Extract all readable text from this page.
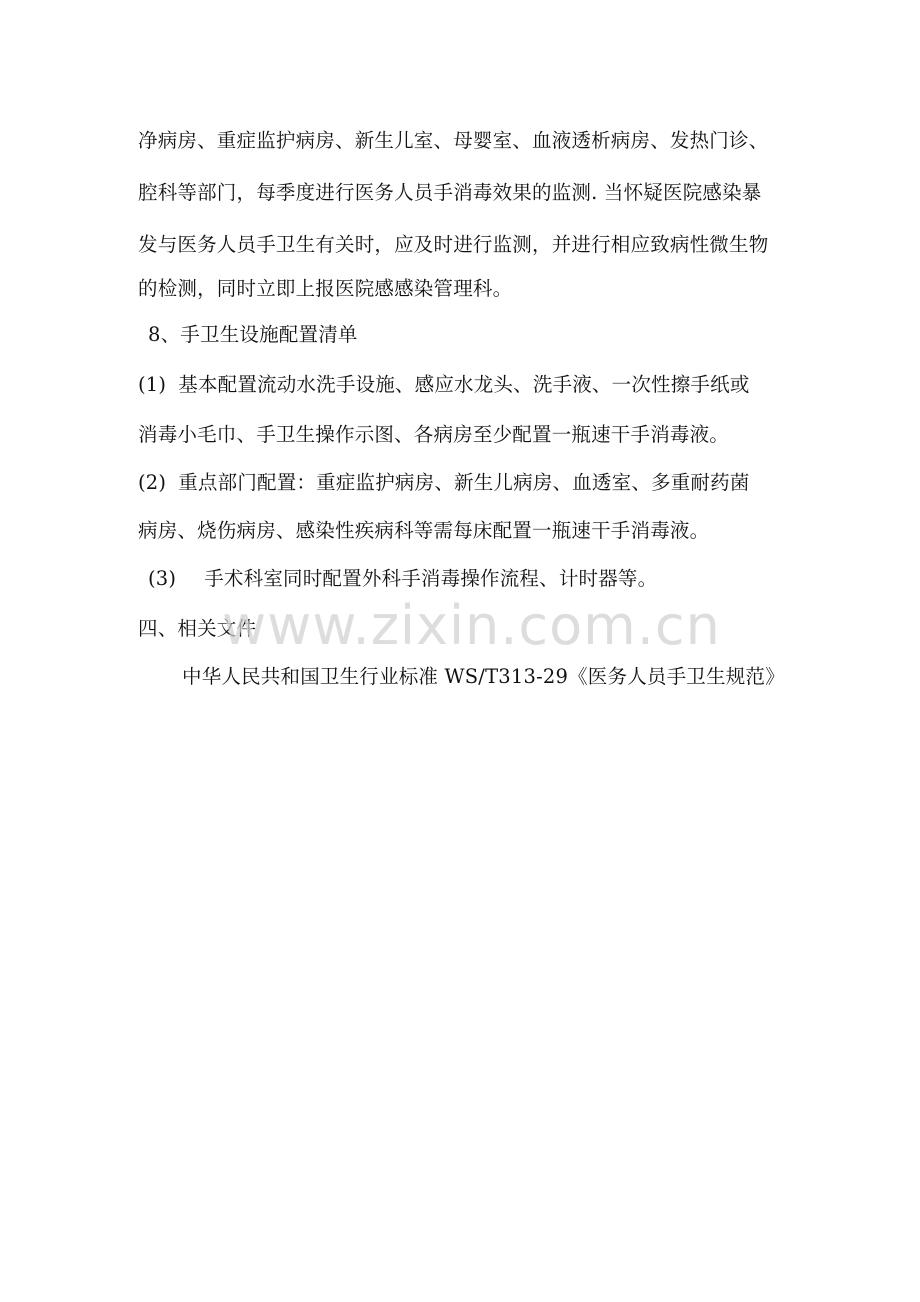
净病房、重症监护病房、新生儿室、母婴室、血液透析病房、发热门诊、
腔科等部门，每季度进行医务人员手消毒效果的监测. 当怀疑医院感染暴
发与医务人员手卫生有关时，应及时进行监测，并进行相应致病性微生物
的检测，同时立即上报医院感感染管理科。
8、手卫生设施配置清单
(1) 基本配置流动水洗手设施、感应水龙头、洗手液、一次性擦手纸或
消毒小毛巾、手卫生操作示图、各病房至少配置一瓶速干手消毒液。
(2) 重点部门配置：重症监护病房、新生儿病房、血透室、多重耐药菌
病房、烧伤病房、感染性疾病科等需每床配置一瓶速干手消毒液。
(3) 手术科室同时配置外科手消毒操作流程、计时器等。
四、相关文件
中华人民共和国卫生行业标准 WS/T313-29《医务人员手卫生规范》
www.zixin.com.cn
